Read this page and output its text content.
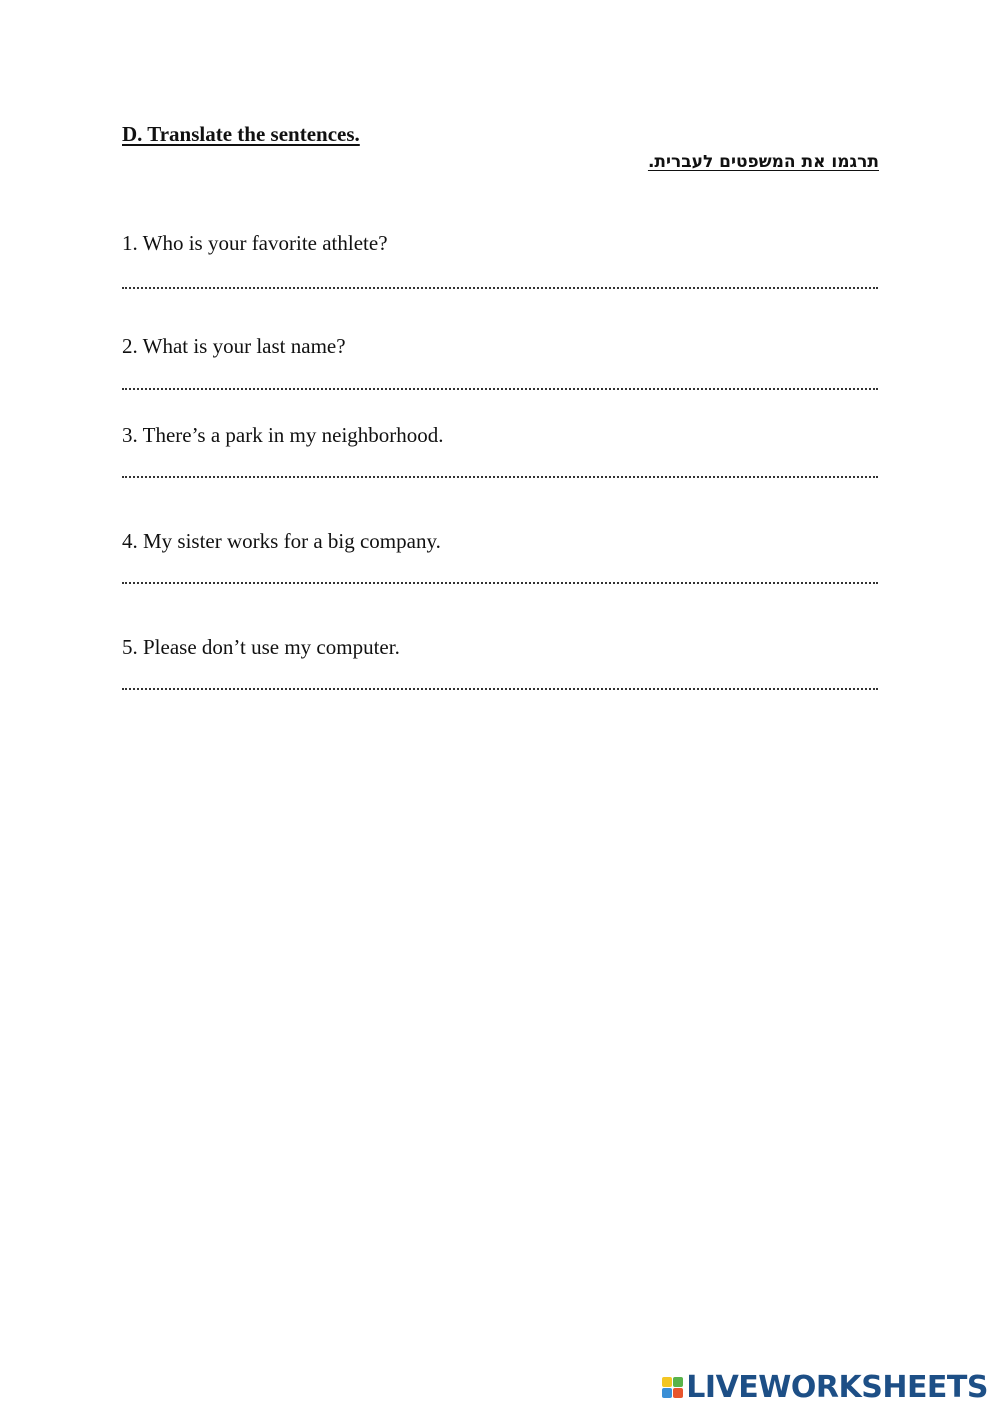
D. Translate the sentences.
תרגמו את המשפטים לעברית.
1. Who is your favorite athlete?
2. What is your last name?
3. There’s a park in my neighborhood.
4. My sister works for a big company.
5. Please don’t use my computer.
LIVEWORKSHEETS
